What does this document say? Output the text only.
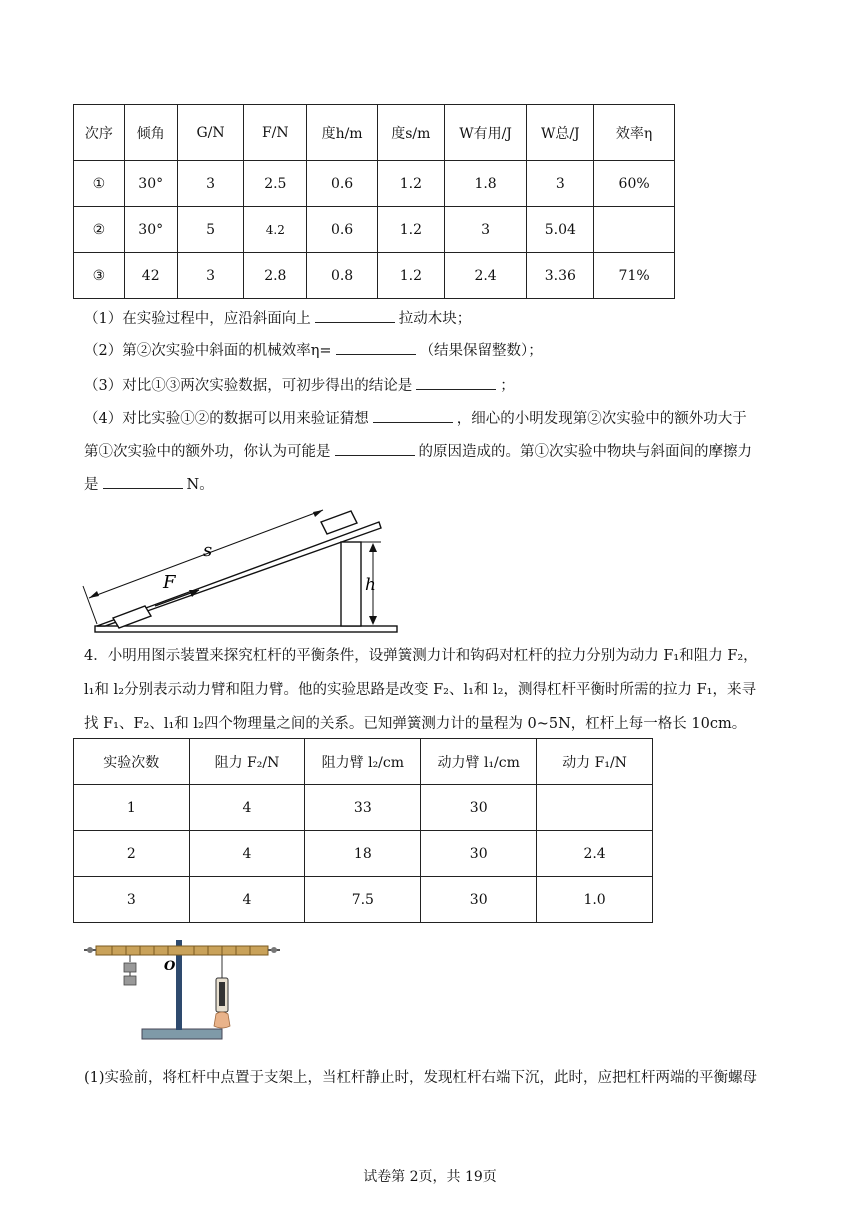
次序	倾角	G/N	F/N	度h/m	度s/m	W有用/J	W总/J	效率η
①	30°	3	2.5	0.6	1.2	1.8	3	60%
②	30°	5	4.2	0.6	1.2	3	5.04	
③	42	3	2.8	0.8	1.2	2.4	3.36	71%
（1）在实验过程中，应沿斜面向上	拉动木块；
（2）第②次实验中斜面的机械效率η=	（结果保留整数）；
（3）对比①③两次实验数据，可初步得出的结论是	；
（4）对比实验①②的数据可以用来验证猜想	，细心的小明发现第②次实验中的额外功大于
第①次实验中的额外功，你认为可能是	的原因造成的。第①次实验中物块与斜面间的摩擦力
是	N。
s
F	h
4．小明用图示装置来探究杠杆的平衡条件，设弹簧测力计和钩码对杠杆的拉力分别为动力 F₁和阻力 F₂，
l₁和 l₂分别表示动力臂和阻力臂。他的实验思路是改变 F₂、l₁和 l₂，测得杠杆平衡时所需的拉力 F₁，来寻
找 F₁、F₂、l₁和 l₂四个物理量之间的关系。已知弹簧测力计的量程为 0~5N，杠杆上每一格长 10cm。
实验次数	阻力 F₂/N	阻力臂 l₂/cm	动力臂 l₁/cm	动力 F₁/N
1	4	33	30	
2	4	18	30	2.4
3	4	7.5	30	1.0
O
(1)实验前，将杠杆中点置于支架上，当杠杆静止时，发现杠杆右端下沉，此时，应把杠杆两端的平衡螺母
试卷第 2页，共 19页
